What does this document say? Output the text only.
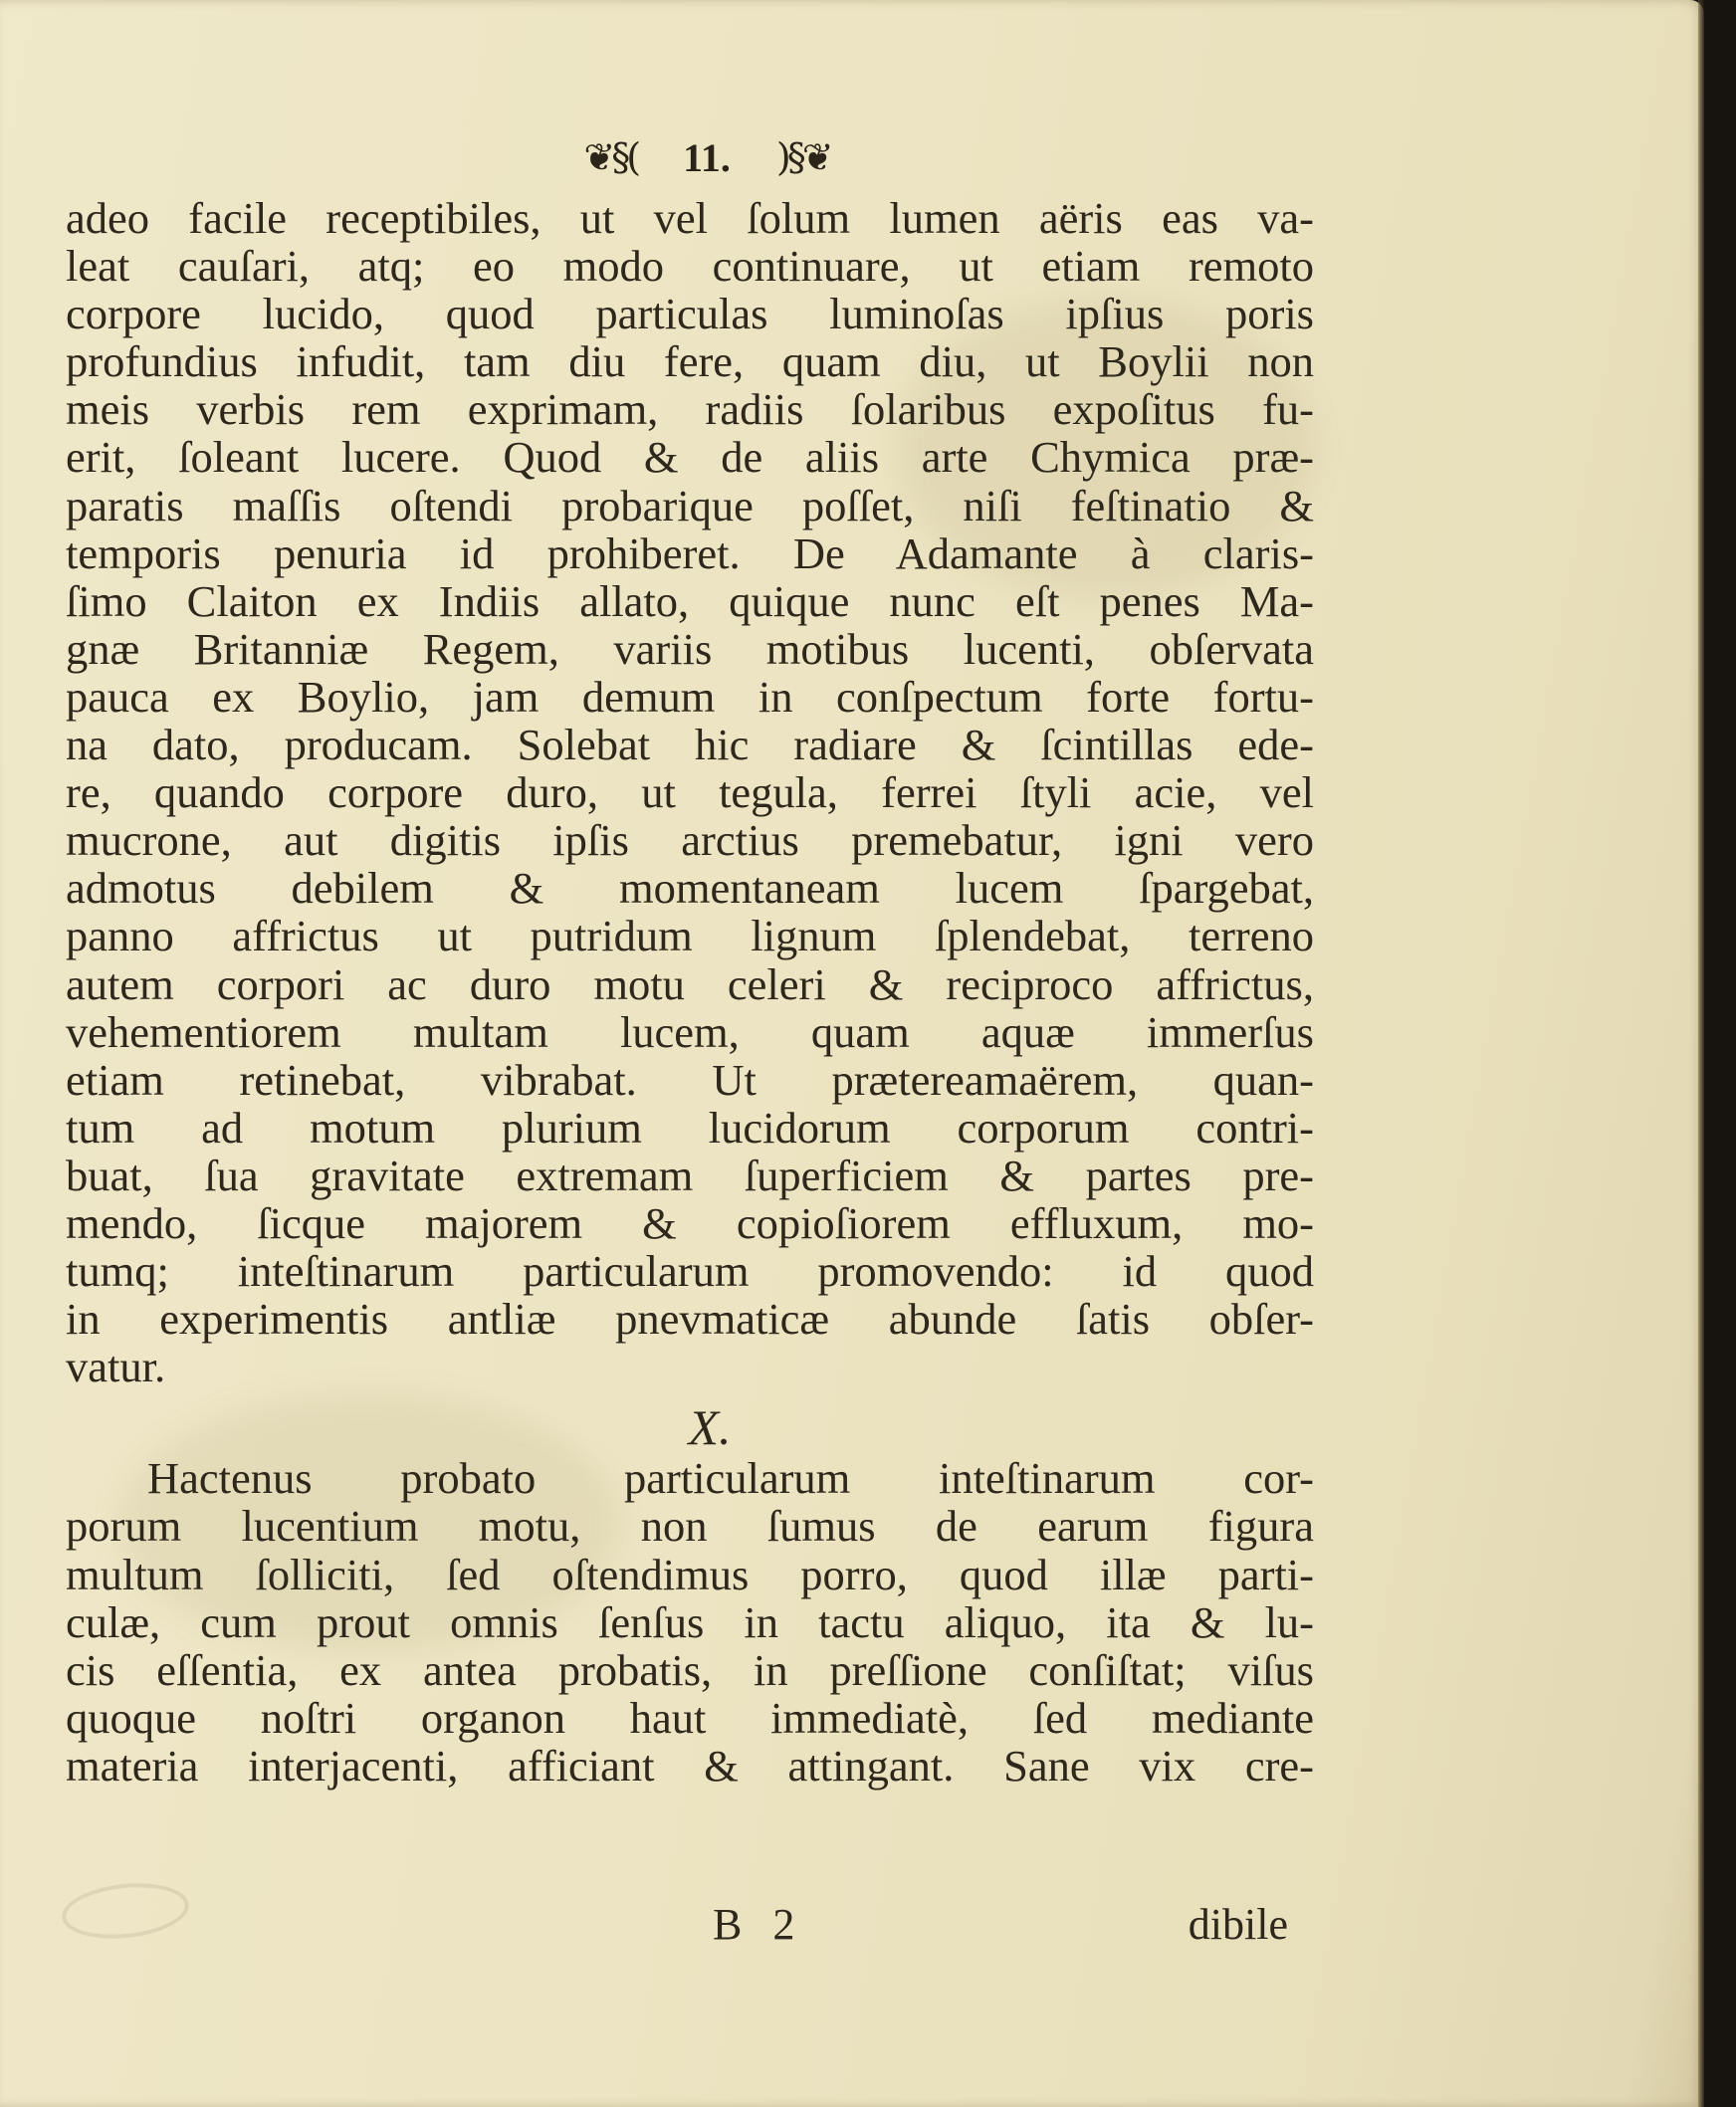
❦§( 11. )§❦
adeo facile receptibiles, ut vel ſolum lumen aëris eas va-
leat cauſari, atq; eo modo continuare, ut etiam remoto
corpore lucido, quod particulas luminoſas ipſius poris
profundius infudit, tam diu fere, quam diu, ut Boylii non
meis verbis rem exprimam, radiis ſolaribus expoſitus fu-
erit, ſoleant lucere. Quod & de aliis arte Chymica præ-
paratis maſſis oſtendi probarique poſſet, niſi feſtinatio &
temporis penuria id prohiberet. De Adamante à claris-
ſimo Claiton ex Indiis allato, quique nunc eſt penes Ma-
gnæ Britanniæ Regem, variis motibus lucenti, obſervata
pauca ex Boylio, jam demum in conſpectum forte fortu-
na dato, producam. Solebat hic radiare & ſcintillas ede-
re, quando corpore duro, ut tegula, ferrei ſtyli acie, vel
mucrone, aut digitis ipſis arctius premebatur, igni vero
admotus debilem & momentaneam lucem ſpargebat,
panno affrictus ut putridum lignum ſplendebat, terreno
autem corpori ac duro motu celeri & reciproco affrictus,
vehementiorem multam lucem, quam aquæ immerſus
etiam retinebat, vibrabat. Ut prætereamaërem, quan-
tum ad motum plurium lucidorum corporum contri-
buat, ſua gravitate extremam ſuperficiem & partes pre-
mendo, ſicque majorem & copioſiorem effluxum, mo-
tumq; inteſtinarum particularum promovendo: id quod
in experimentis antliæ pnevmaticæ abunde ſatis obſer-
vatur.
X.
Hactenus probato particularum inteſtinarum cor-
porum lucentium motu, non ſumus de earum figura
multum ſolliciti, ſed oſtendimus porro, quod illæ parti-
culæ, cum prout omnis ſenſus in tactu aliquo, ita & lu-
cis eſſentia, ex antea probatis, in preſſione conſiſtat; viſus
quoque noſtri organon haut immediatè, ſed mediante
materia interjacenti, afficiant & attingant. Sane vix cre-
B 2	dibile
